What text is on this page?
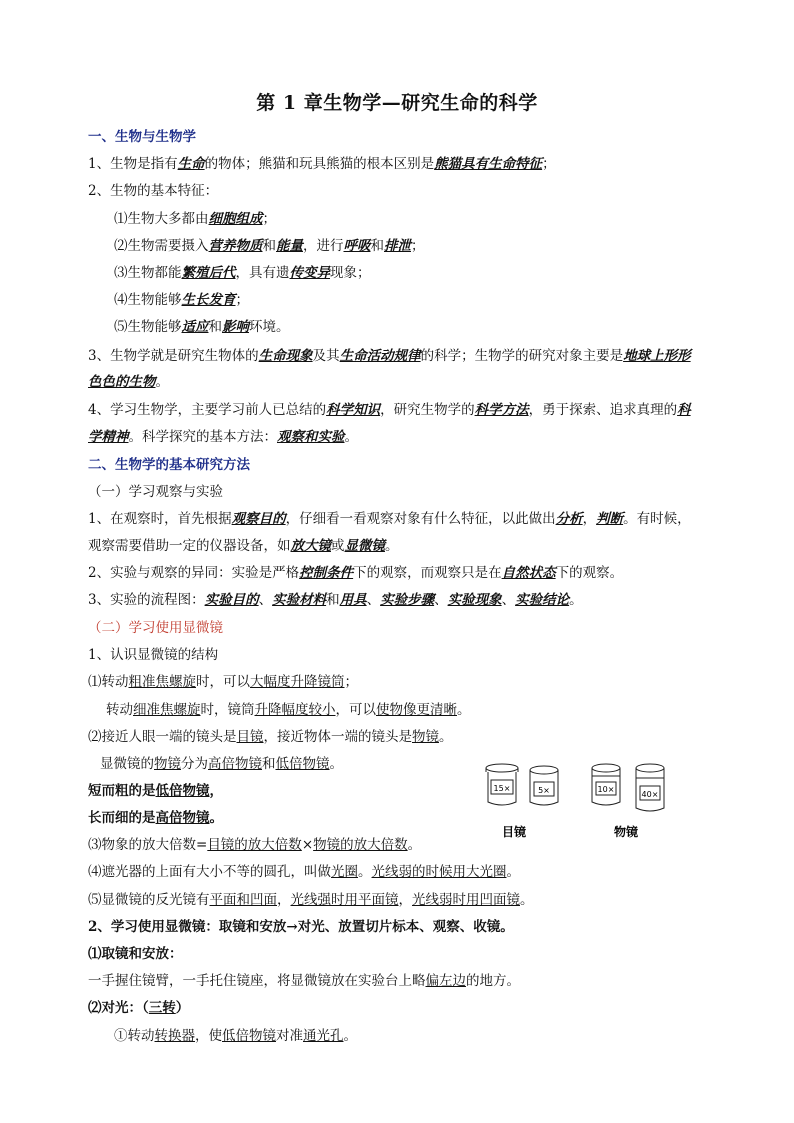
第 1 章生物学—研究生命的科学
一、生物与生物学
1、生物是指有生命的物体；熊猫和玩具熊猫的根本区别是熊猫具有生命特征；
2、生物的基本特征：
⑴生物大多都由细胞组成；
⑵生物需要摄入营养物质和能量，进行呼吸和排泄；
⑶生物都能繁殖后代，具有遗传变异现象；
⑷生物能够生长发育；
⑸生物能够适应和影响环境。
3、生物学就是研究生物体的生命现象及其生命活动规律的科学；生物学的研究对象主要是地球上形形
色色的生物。
4、学习生物学，主要学习前人已总结的科学知识，研究生物学的科学方法，勇于探索、追求真理的科
学精神。科学探究的基本方法：观察和实验。
二、生物学的基本研究方法
（一）学习观察与实验
1、在观察时，首先根据观察目的，仔细看一看观察对象有什么特征，以此做出分析，判断。有时候，
观察需要借助一定的仪器设备，如放大镜或显微镜。
2、实验与观察的异同：实验是严格控制条件下的观察，而观察只是在自然状态下的观察。
3、实验的流程图：实验目的、实验材料和用具、实验步骤、实验现象、实验结论。
（二）学习使用显微镜
1、认识显微镜的结构
⑴转动粗准焦螺旋时，可以大幅度升降镜筒；
转动细准焦螺旋时，镜筒升降幅度较小，可以使物像更清晰。
⑵接近人眼一端的镜头是目镜，接近物体一端的镜头是物镜。
显微镜的物镜分为高倍物镜和低倍物镜。
短而粗的是低倍物镜，
长而细的是高倍物镜。
⑶物象的放大倍数=目镜的放大倍数×物镜的放大倍数。
⑷遮光器的上面有大小不等的圆孔，叫做光圈。光线弱的时候用大光圈。
⑸显微镜的反光镜有平面和凹面，光线强时用平面镜，光线弱时用凹面镜。
2、学习使用显微镜：取镜和安放→对光、放置切片标本、观察、收镜。
⑴取镜和安放：
一手握住镜臂，一手托住镜座，将显微镜放在实验台上略偏左边的地方。
⑵对光：（三转）
①转动转换器，使低倍物镜对准通光孔。
15×	5×	10×
40×
目镜	物镜
